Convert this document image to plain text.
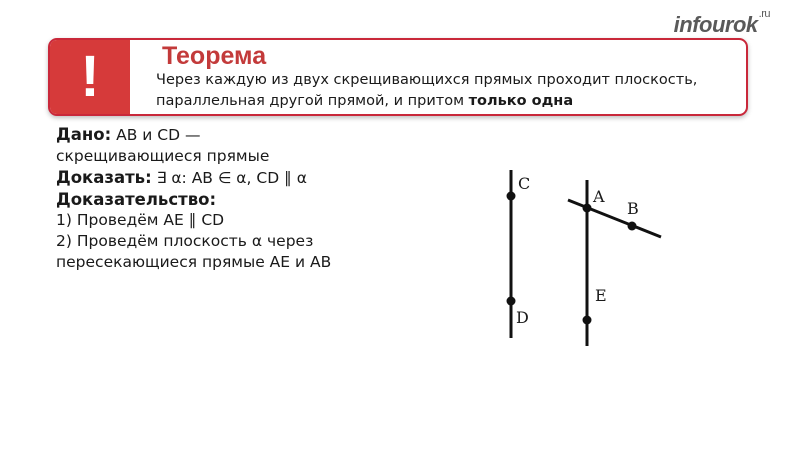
infourok$^{.ru}$
! Теорема

Через каждую из двух скрещивающихся прямых проходит плоскость,
параллельная другой прямой, и притом только одна

Дано: AB и CD —

скрещивающиеся прямые

Доказать: ∃ α: AB ∈ α, CD ∥ α

Доказательство:

1) Проведём AE ∥ CD

2) Проведём плоскость α через

пересекающиеся прямые AE и AB

C
D
A
B
E
